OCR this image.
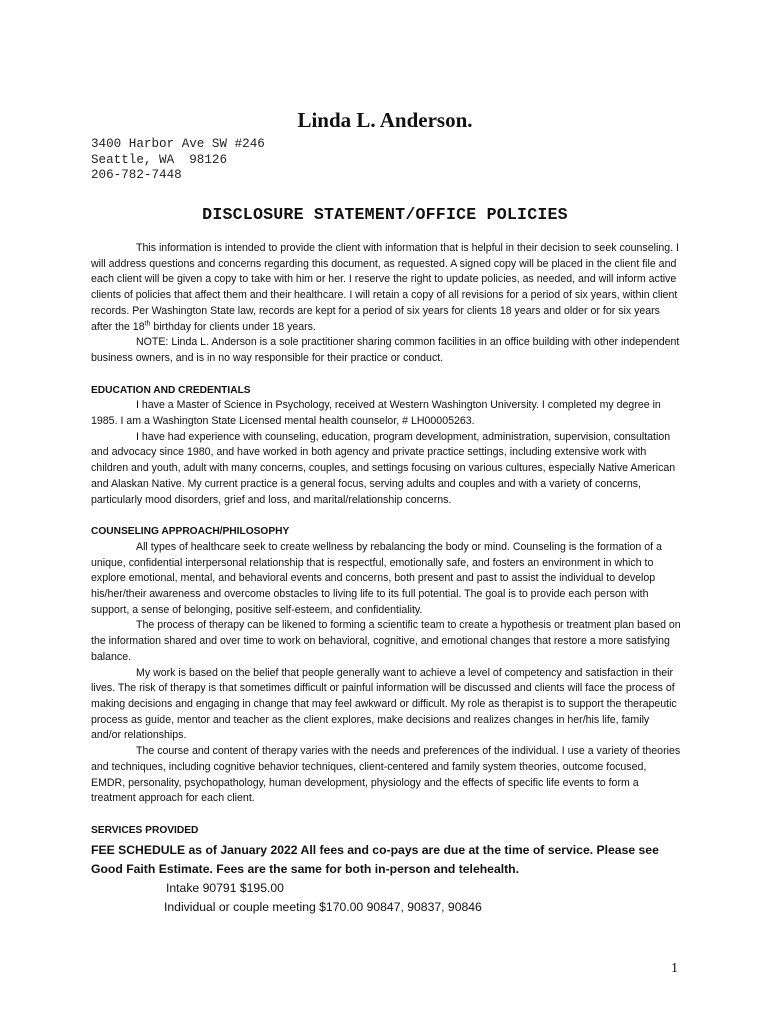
Linda L. Anderson.
3400 Harbor Ave SW #246
Seattle, WA  98126
206-782-7448
DISCLOSURE STATEMENT/OFFICE POLICIES

This information is intended to provide the client with information that is helpful in their decision to seek counseling. I will address questions and concerns regarding this document, as requested. A signed copy will be placed in the client file and each client will be given a copy to take with him or her. I reserve the right to update policies, as needed, and will inform active clients of policies that affect them and their healthcare. I will retain a copy of all revisions for a period of six years, within client records. Per Washington State law, records are kept for a period of six years for clients 18 years and older or for six years after the 18th birthday for clients under 18 years.

NOTE: Linda L. Anderson is a sole practitioner sharing common facilities in an office building with other independent business owners, and is in no way responsible for their practice or conduct.

EDUCATION AND CREDENTIALS

I have a Master of Science in Psychology, received at Western Washington University. I completed my degree in 1985. I am a Washington State Licensed mental health counselor, # LH00005263.

I have had experience with counseling, education, program development, administration, supervision, consultation and advocacy since 1980, and have worked in both agency and private practice settings, including extensive work with children and youth, adult with many concerns, couples, and settings focusing on various cultures, especially Native American and Alaskan Native. My current practice is a general focus, serving adults and couples and with a variety of concerns, particularly mood disorders, grief and loss, and marital/relationship concerns.

COUNSELING APPROACH/PHILOSOPHY

All types of healthcare seek to create wellness by rebalancing the body or mind. Counseling is the formation of a unique, confidential interpersonal relationship that is respectful, emotionally safe, and fosters an environment in which to explore emotional, mental, and behavioral events and concerns, both present and past to assist the individual to develop his/her/their awareness and overcome obstacles to living life to its full potential. The goal is to provide each person with support, a sense of belonging, positive self-esteem, and confidentiality.

The process of therapy can be likened to forming a scientific team to create a hypothesis or treatment plan based on the information shared and over time to work on behavioral, cognitive, and emotional changes that restore a more satisfying balance.

My work is based on the belief that people generally want to achieve a level of competency and satisfaction in their lives. The risk of therapy is that sometimes difficult or painful information will be discussed and clients will face the process of making decisions and engaging in change that may feel awkward or difficult. My role as therapist is to support the therapeutic process as guide, mentor and teacher as the client explores, make decisions and realizes changes in her/his life, family and/or relationships.

The course and content of therapy varies with the needs and preferences of the individual. I use a variety of theories and techniques, including cognitive behavior techniques, client-centered and family system theories, outcome focused, EMDR, personality, psychopathology, human development, physiology and the effects of specific life events to form a treatment approach for each client.

SERVICES PROVIDED

FEE SCHEDULE as of January 2022 All fees and co-pays are due at the time of service. Please see Good Faith Estimate. Fees are the same for both in-person and telehealth.

Intake 90791 $195.00

Individual or couple meeting $170.00 90847, 90837, 90846

1
